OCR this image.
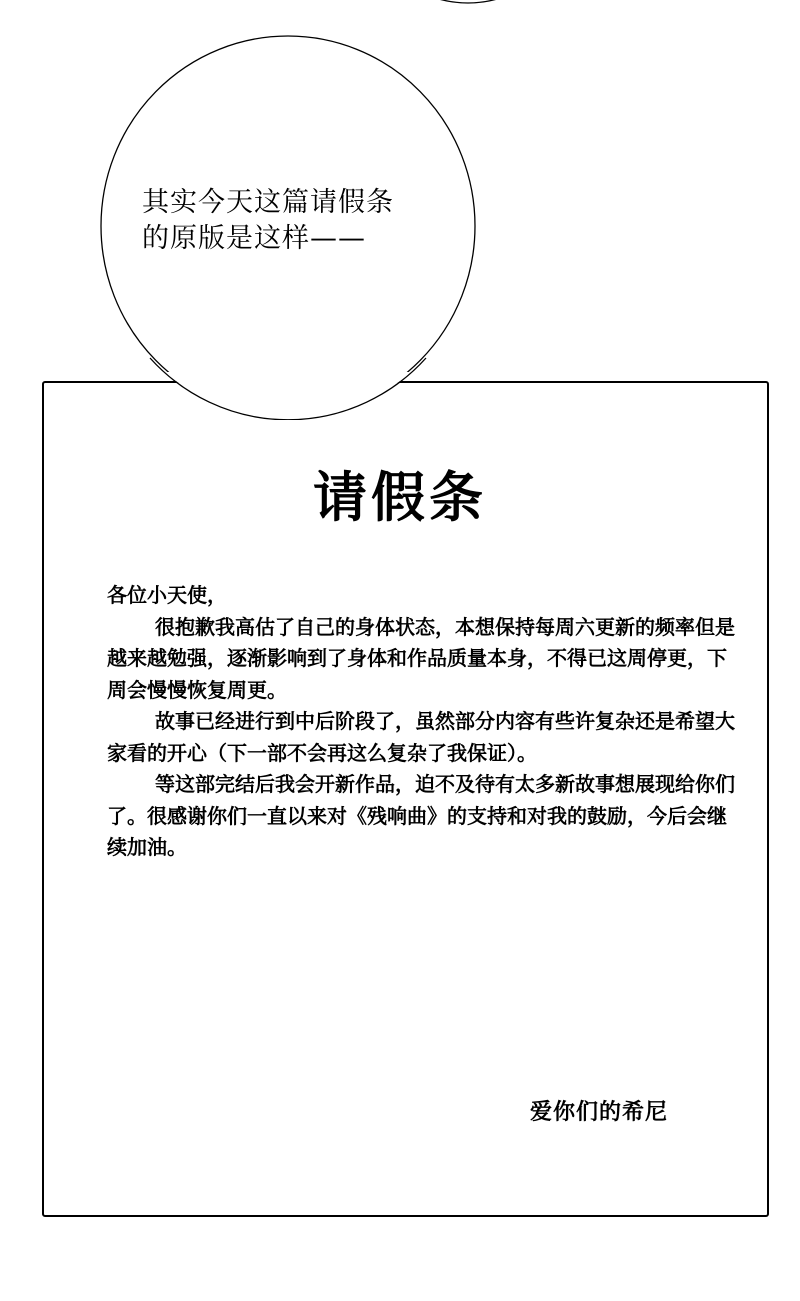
其实今天这篇请假条
的原版是这样——
请假条

各位小天使，

很抱歉我高估了自己的身体状态，本想保持每周六更新的频率但是越来越勉强，逐渐影响到了身体和作品质量本身，不得已这周停更，下周会慢慢恢复周更。

故事已经进行到中后阶段了，虽然部分内容有些许复杂还是希望大家看的开心（下一部不会再这么复杂了我保证）。

等这部完结后我会开新作品，迫不及待有太多新故事想展现给你们了。很感谢你们一直以来对《残响曲》的支持和对我的鼓励，今后会继续加油。

爱你们的希尼
